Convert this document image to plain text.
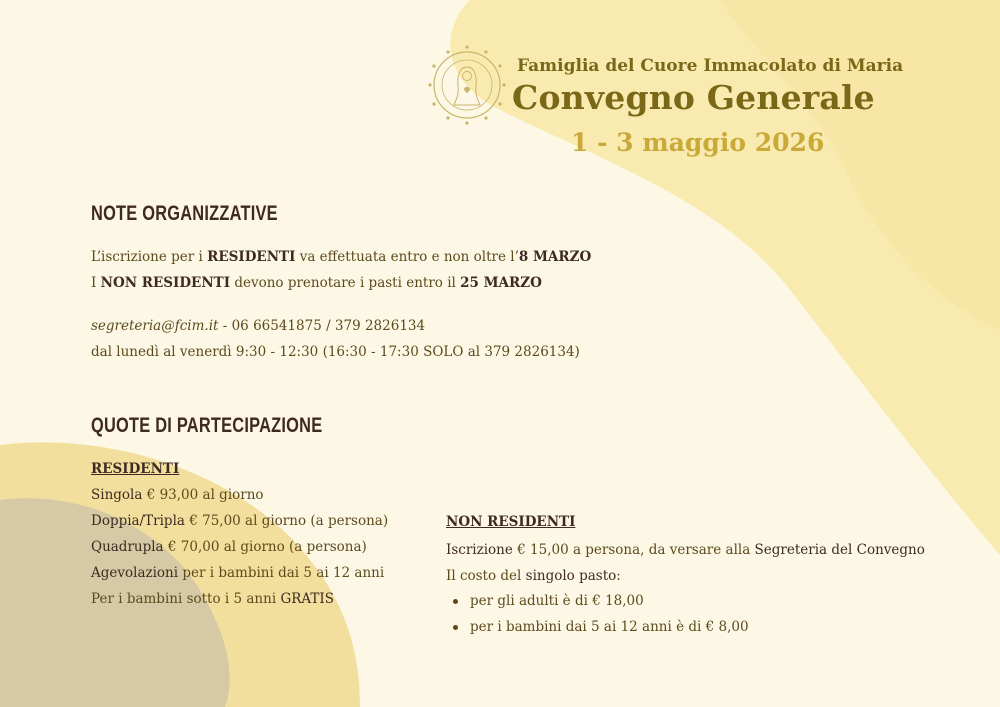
Famiglia del Cuore Immacolato di Maria
Convegno Generale
1 - 3 maggio 2026
NOTE ORGANIZZATIVE
L’iscrizione per i RESIDENTI va effettuata entro e non oltre l’8 MARZO
I NON RESIDENTI devono prenotare i pasti entro il 25 MARZO
segreteria@fcim.it - 06 66541875 / 379 2826134
dal lunedì al venerdì 9:30 - 12:30 (16:30 - 17:30 SOLO al 379 2826134)
QUOTE DI PARTECIPAZIONE
RESIDENTI
Singola € 93,00 al giorno
Doppia/Tripla € 75,00 al giorno (a persona)
Quadrupla € 70,00 al giorno (a persona)
Agevolazioni per i bambini dai 5 ai 12 anni
Per i bambini sotto i 5 anni GRATIS
NON RESIDENTI
Iscrizione € 15,00 a persona, da versare alla Segreteria del Convegno
Il costo del singolo pasto:
per gli adulti è di € 18,00
per i bambini dai 5 ai 12 anni è di € 8,00
